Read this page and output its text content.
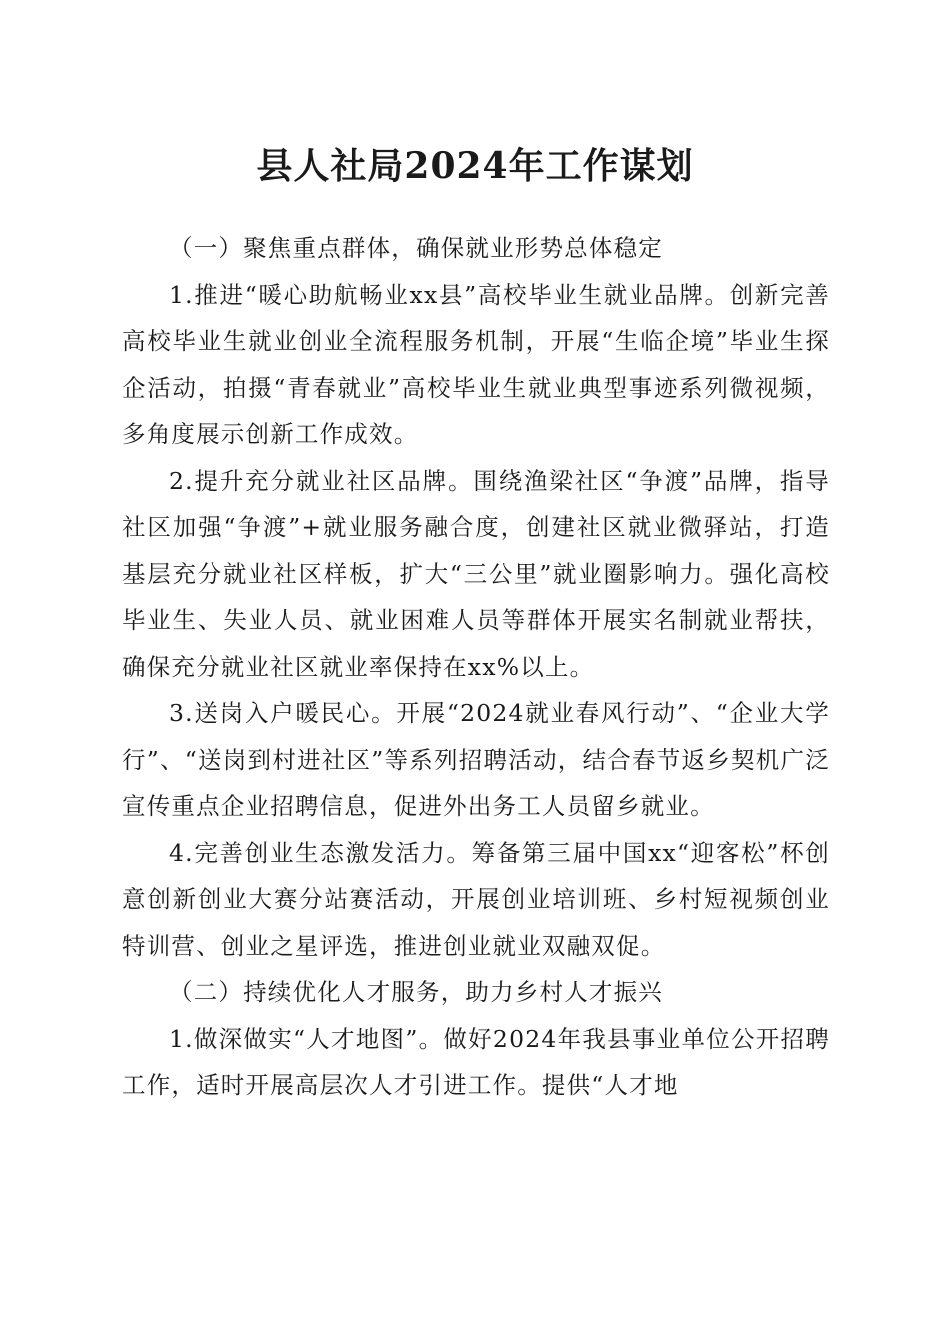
县人社局2024年工作谋划

（一）聚焦重点群体，确保就业形势总体稳定

1.推进“暖心助航畅业xx县”高校毕业生就业品牌。创新完善高校毕业生就业创业全流程服务机制，开展“生临企境”毕业生探企活动，拍摄“青春就业”高校毕业生就业典型事迹系列微视频，多角度展示创新工作成效。

2.提升充分就业社区品牌。围绕渔梁社区“争渡”品牌，指导社区加强“争渡”+就业服务融合度，创建社区就业微驿站，打造基层充分就业社区样板，扩大“三公里”就业圈影响力。强化高校毕业生、失业人员、就业困难人员等群体开展实名制就业帮扶，确保充分就业社区就业率保持在xx%以上。

3.送岗入户暖民心。开展“2024就业春风行动”、“企业大学行”、“送岗到村进社区”等系列招聘活动，结合春节返乡契机广泛宣传重点企业招聘信息，促进外出务工人员留乡就业。

4.完善创业生态激发活力。筹备第三届中国xx“迎客松”杯创意创新创业大赛分站赛活动，开展创业培训班、乡村短视频创业特训营、创业之星评选，推进创业就业双融双促。

（二）持续优化人才服务，助力乡村人才振兴

1.做深做实“人才地图”。做好2024年我县事业单位公开招聘工作，适时开展高层次人才引进工作。提供“人才地
